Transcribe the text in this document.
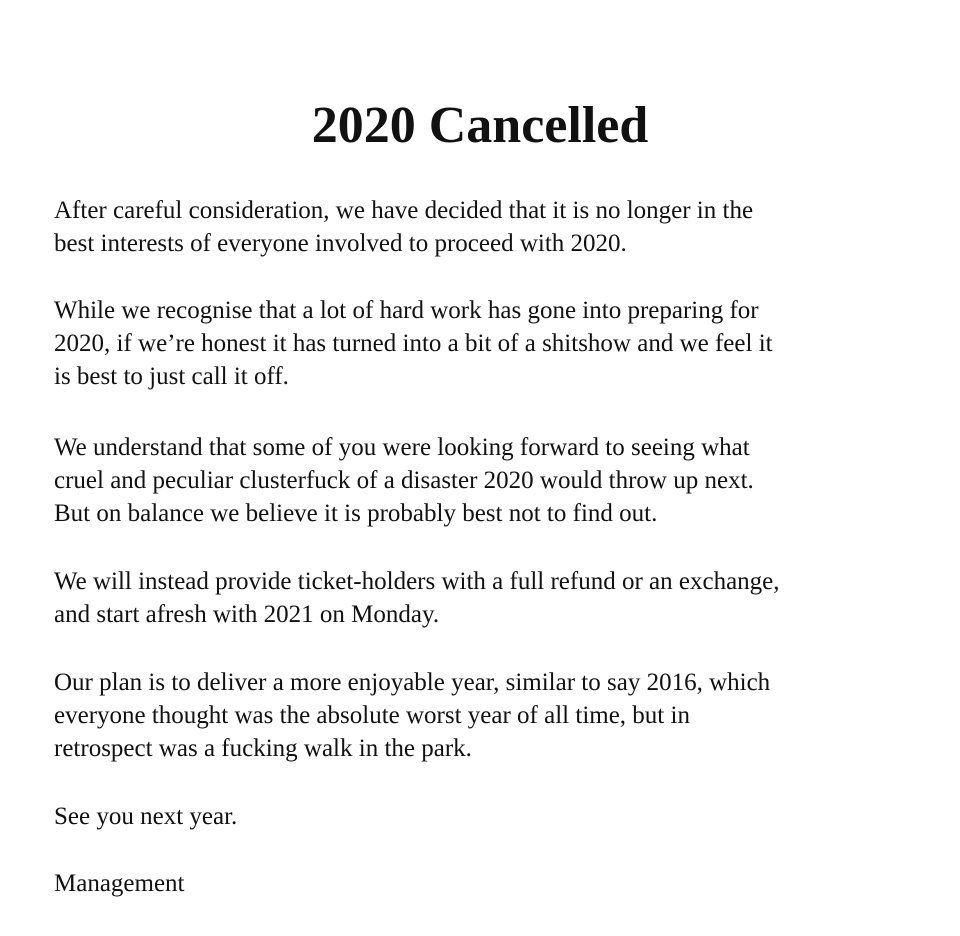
2020 Cancelled

After careful consideration, we have decided that it is no longer in the
best interests of everyone involved to proceed with 2020.

While we recognise that a lot of hard work has gone into preparing for
2020, if we’re honest it has turned into a bit of a shitshow and we feel it
is best to just call it off.

We understand that some of you were looking forward to seeing what
cruel and peculiar clusterfuck of a disaster 2020 would throw up next.
But on balance we believe it is probably best not to find out.

We will instead provide ticket-holders with a full refund or an exchange,
and start afresh with 2021 on Monday.

Our plan is to deliver a more enjoyable year, similar to say 2016, which
everyone thought was the absolute worst year of all time, but in
retrospect was a fucking walk in the park.

See you next year.

Management
